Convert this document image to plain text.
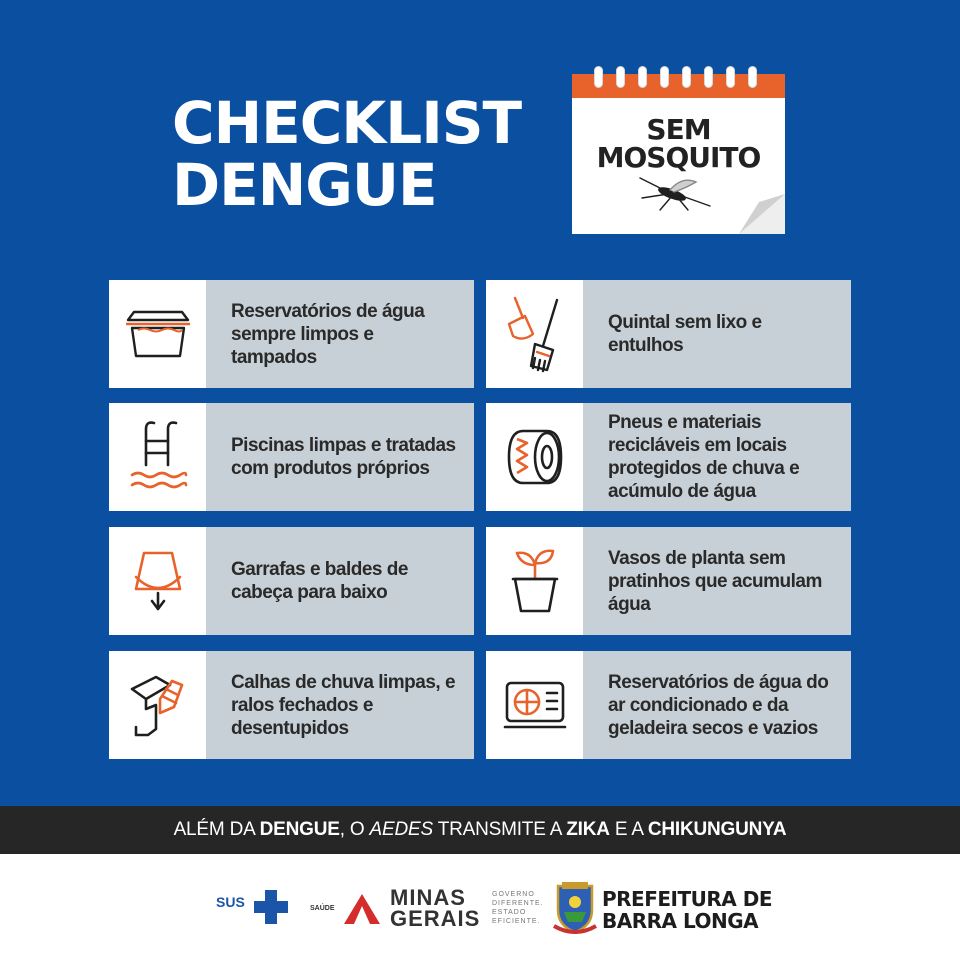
CHECKLIST
DENGUE
SEM
MOSQUITO
Reservatórios de água sempre limpos e tampados
Quintal sem lixo e entulhos
Piscinas limpas e tratadas com produtos próprios
Pneus e materiais recicláveis em locais protegidos de chuva e acúmulo de água
Garrafas e baldes de cabeça para baixo
Vasos de planta sem pratinhos que acumulam água
Calhas de chuva limpas, e ralos fechados e desentupidos
Reservatórios de água do ar condicionado e da geladeira secos e vazios
ALÉM DA DENGUE, O AEDES TRANSMITE A ZIKA E A CHIKUNGUNYA
SUS	SAÚDE	MINAS
GERAIS
GOVERNO
DIFERENTE.
ESTADO
EFICIENTE.
PREFEITURA DE
BARRA LONGA
